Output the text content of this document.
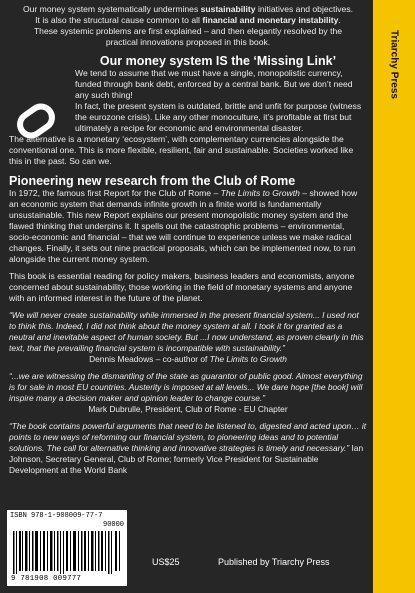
Triarchy Press

Our money system systematically undermines sustainability initiatives and objectives.
It is also the structural cause common to all financial and monetary instability.
These systemic problems are first explained – and then elegantly resolved by the
practical innovations proposed in this book.

Our money system IS the ‘Missing Link’

We tend to assume that we must have a single, monopolistic currency, funded through bank debt, enforced by a central bank. But we don’t need any such thing!

In fact, the present system is outdated, brittle and unfit for purpose (witness the eurozone crisis). Like any other monoculture, it’s profitable at first but ultimately a recipe for economic and environmental disaster.

The alternative is a monetary ‘ecosystem’, with complementary currencies alongside the conventional one. This is more flexible, resilient, fair and sustainable. Societies worked like this in the past. So can we.

Pioneering new research from the Club of Rome

In 1972, the famous first Report for the Club of Rome – The Limits to Growth – showed how an economic system that demands infinite growth in a finite world is fundamentally unsustainable. This new Report explains our present monopolistic money system and the flawed thinking that underpins it. It spells out the catastrophic problems – environmental, socio-economic and financial – that we will continue to experience unless we make radical changes. Finally, it sets out nine practical proposals, which can be implemented now, to run alongside the current money system.

This book is essential reading for policy makers, business leaders and economists, anyone concerned about sustainability, those working in the field of monetary systems and anyone with an informed interest in the future of the planet.

“We will never create sustainability while immersed in the present financial system... I used not to think this. Indeed, I did not think about the money system at all. I took it for granted as a neutral and inevitable aspect of human society. But ...I now understand, as proven clearly in this text, that the prevailing financial system is incompatible with sustainability.”

Dennis Meadows – co-author of The Limits to Growth

“...we are witnessing the dismantling of the state as guarantor of public good. Almost everything is for sale in most EU countries. Austerity is imposed at all levels... We dare hope [the book] will inspire many a decision maker and opinion leader to change course.”

Mark Dubrulle, President, Club of Rome - EU Chapter

“The book contains powerful arguments that need to be listened to, digested and acted upon… it points to new ways of reforming our financial system, to pioneering ideas and to potential solutions. The call for alternative thinking and innovative strategies is timely and necessary.” Ian Johnson, Secretary General, Club of Rome; formerly Vice President for Sustainable Development at the World Bank

ISBN 978-1-908009-77-7
90000
9 781908 009777
US$25	Published by Triarchy Press
